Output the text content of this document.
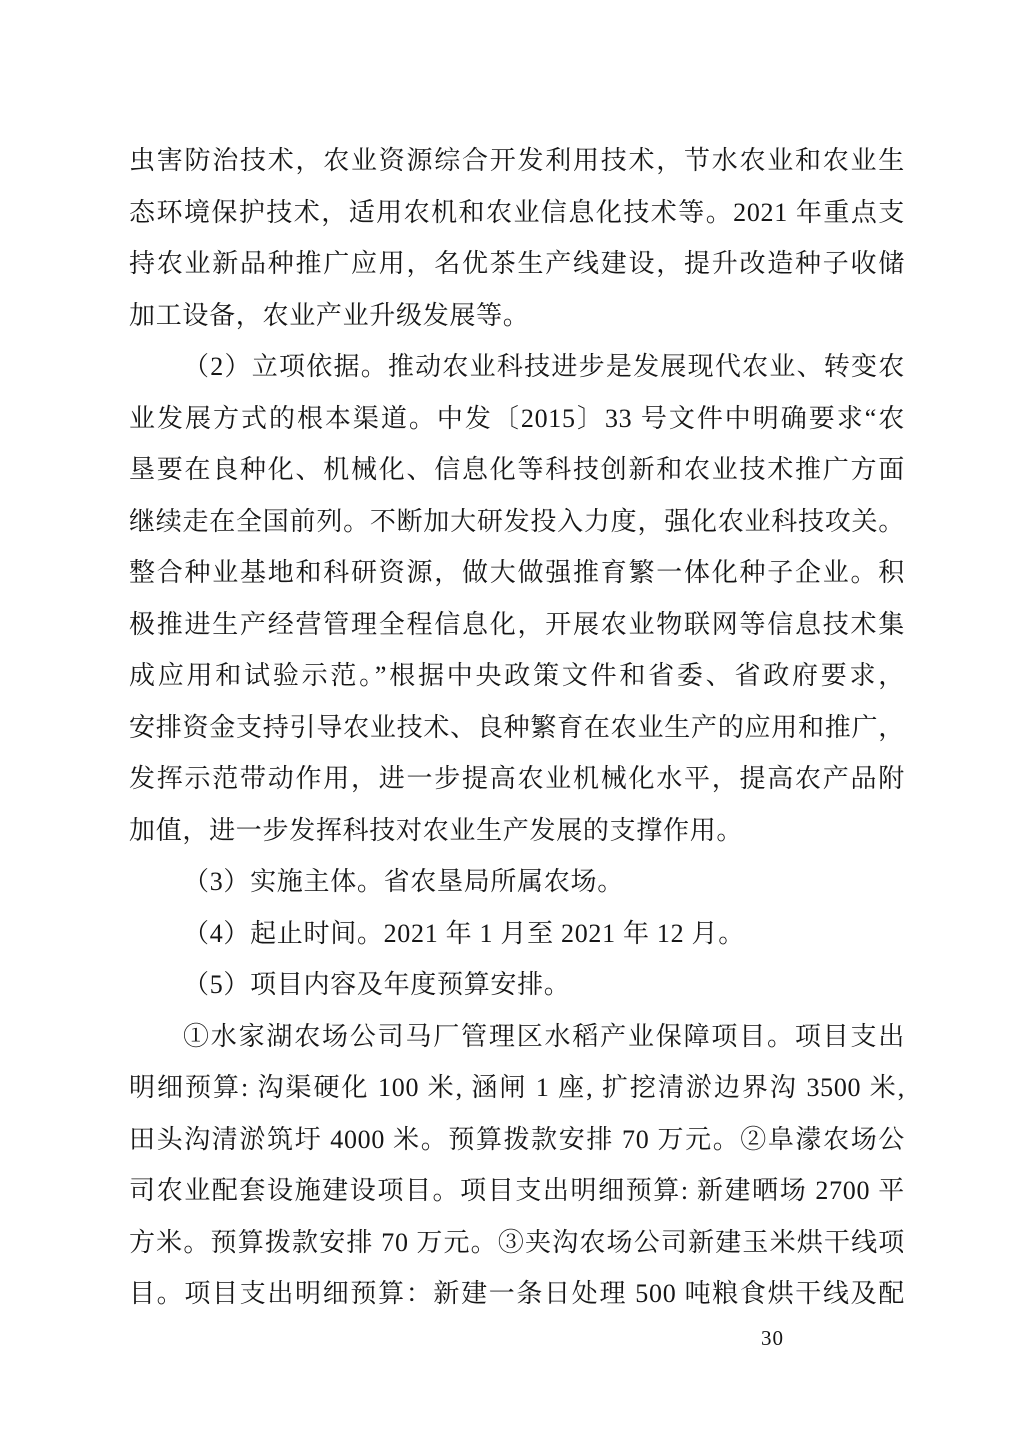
虫害防治技术，农业资源综合开发利用技术，节水农业和农业生
态环境保护技术，适用农机和农业信息化技术等。2021 年重点支
持农业新品种推广应用，名优茶生产线建设，提升改造种子收储
加工设备，农业产业升级发展等。
（2）立项依据。推动农业科技进步是发展现代农业、转变农
业发展方式的根本渠道。中发〔2015〕33 号文件中明确要求“农
垦要在良种化、机械化、信息化等科技创新和农业技术推广方面
继续走在全国前列。不断加大研发投入力度，强化农业科技攻关。
整合种业基地和科研资源，做大做强推育繁一体化种子企业。积
极推进生产经营管理全程信息化，开展农业物联网等信息技术集
成应用和试验示范。”根据中央政策文件和省委、省政府要求，
安排资金支持引导农业技术、良种繁育在农业生产的应用和推广，
发挥示范带动作用，进一步提高农业机械化水平，提高农产品附
加值，进一步发挥科技对农业生产发展的支撑作用。
（3）实施主体。省农垦局所属农场。
（4）起止时间。2021 年 1 月至 2021 年 12 月。
（5）项目内容及年度预算安排。
①水家湖农场公司马厂管理区水稻产业保障项目。项目支出
明细预算: 沟渠硬化 100 米, 涵闸 1 座, 扩挖清淤边界沟 3500 米,
田头沟清淤筑圩 4000 米。预算拨款安排 70 万元。②阜濛农场公
司农业配套设施建设项目。项目支出明细预算: 新建晒场 2700 平
方米。预算拨款安排 70 万元。③夹沟农场公司新建玉米烘干线项
目。项目支出明细预算：新建一条日处理 500 吨粮食烘干线及配
30
